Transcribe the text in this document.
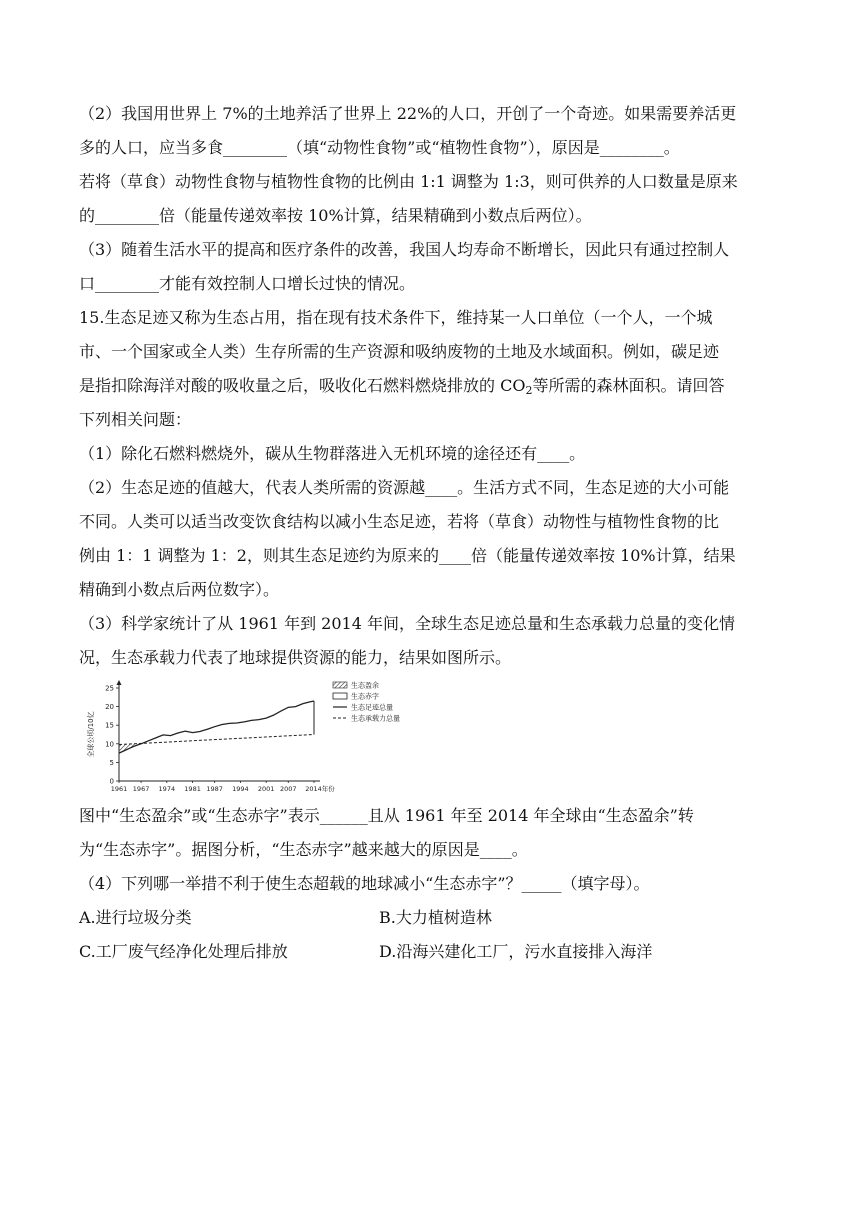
（2）我国用世界上 7%的土地养活了世界上 22%的人口，开创了一个奇迹。如果需要养活更
多的人口，应当多食________（填“动物性食物”或“植物性食物”），原因是________。
若将（草食）动物性食物与植物性食物的比例由 1:1 调整为 1:3，则可供养的人口数量是原来
的________倍（能量传递效率按 10%计算，结果精确到小数点后两位）。
（3）随着生活水平的提高和医疗条件的改善，我国人均寿命不断增长，因此只有通过控制人
口________才能有效控制人口增长过快的情况。
15.生态足迹又称为生态占用，指在现有技术条件下，维持某一人口单位（一个人，一个城
市、一个国家或全人类）生存所需的生产资源和吸纳废物的土地及水域面积。例如，碳足迹
是指扣除海洋对酸的吸收量之后，吸收化石燃料燃烧排放的 $CO_2$等所需的森林面积。请回答
下列相关问题：
（1）除化石燃料燃烧外，碳从生物群落进入无机环境的途径还有____。
（2）生态足迹的值越大，代表人类所需的资源越____。生活方式不同，生态足迹的大小可能
不同。人类可以适当改变饮食结构以减小生态足迹，若将（草食）动物性与植物性食物的比
例由 1：1 调整为 1：2，则其生态足迹约为原来的____倍（能量传递效率按 10%计算，结果
精确到小数点后两位数字）。
（3）科学家统计了从 1961 年到 2014 年间，全球生态足迹总量和生态承载力总量的变化情
况，生态承载力代表了地球提供资源的能力，结果如图所示。
0
5
10
15
20
25
全球公顷/10亿
1961 1967 1974 1981 1987 1994 2001 2007 2014年份
生态盈余
生态赤字
生态足迹总量
生态承载力总量
图中“生态盈余”或“生态赤字”表示______且从 1961 年至 2014 年全球由“生态盈余”转
为“生态赤字”。据图分析，“生态赤字”越来越大的原因是____。
（4）下列哪一举措不利于使生态超载的地球减小“生态赤字”？_____（填字母）。
A.进行垃圾分类	B.大力植树造林
C.工厂废气经净化处理后排放	D.沿海兴建化工厂，污水直接排入海洋
